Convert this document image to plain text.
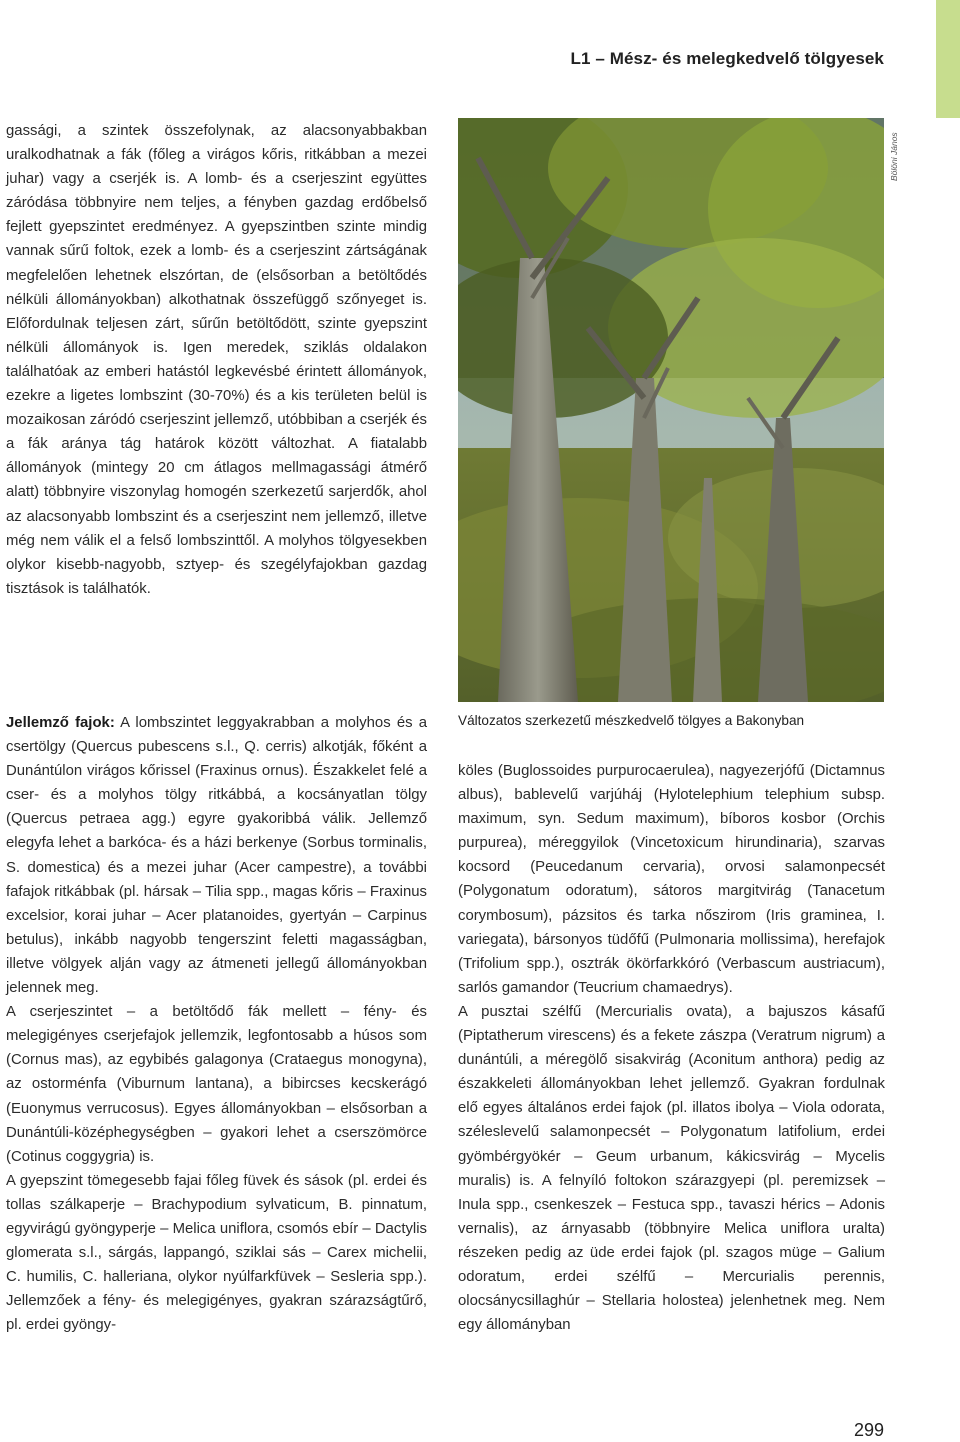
L1 – Mész- és melegkedvelő tölgyesek

gassági, a szintek összefolynak, az alacsonyabbakban uralkodhatnak a fák (főleg a virágos kőris, ritkábban a mezei juhar) vagy a cserjék is. A lomb- és a cserjeszint együttes záródása többnyire nem teljes, a fényben gazdag erdőbelső fejlett gyepszintet eredményez. A gyepszintben szinte mindig vannak sűrű foltok, ezek a lomb- és a cserjeszint zártságának megfelelően lehetnek elszórtan, de (elsősorban a betöltődés nélküli állományokban) alkothatnak összefüggő szőnyeget is. Előfordulnak teljesen zárt, sűrűn betöltődött, szinte gyepszint nélküli állományok is. Igen meredek, sziklás oldalakon találhatóak az emberi hatástól legkevésbé érintett állományok, ezekre a ligetes lombszint (30-70%) és a kis területen belül is mozaikosan záródó cserjeszint jellemző, utóbbiban a cserjék és a fák aránya tág határok között változhat. A fiatalabb állományok (mintegy 20 cm átlagos mellmagassági átmérő alatt) többnyire viszonylag homogén szerkezetű sarjerdők, ahol az alacsonyabb lombszint és a cserjeszint nem jellemző, illetve még nem válik el a felső lombszinttől. A molyhos tölgyesekben olykor kisebb-nagyobb, sztyep- és szegélyfajokban gazdag tisztások is találhatók.

Jellemző fajok: A lombszintet leggyakrabban a molyhos és a csertölgy (Quercus pubescens s.l., Q. cerris) alkotják, főként a Dunántúlon virágos kőrissel (Fraxinus ornus). Északkelet felé a cser- és a molyhos tölgy ritkábbá, a kocsányatlan tölgy (Quercus petraea agg.) egyre gyakoribbá válik. Jellemző elegyfa lehet a barkóca- és a házi berkenye (Sorbus torminalis, S. domestica) és a mezei juhar (Acer campestre), a további fafajok ritkábbak (pl. hársak – Tilia spp., magas kőris – Fraxinus excelsior, korai juhar – Acer platanoides, gyertyán – Carpinus betulus), inkább nagyobb tengerszint feletti magasságban, illetve völgyek alján vagy az átmeneti jellegű állományokban jelennek meg.

A cserjeszintet – a betöltődő fák mellett – fény- és melegigényes cserjefajok jellemzik, legfontosabb a húsos som (Cornus mas), az egybibés galagonya (Crataegus monogyna), az ostorménfa (Viburnum lantana), a bibircses kecskerágó (Euonymus verrucosus). Egyes állományokban – elsősorban a Dunántúli-középhegységben – gyakori lehet a cserszömörce (Cotinus coggygria) is.

A gyepszint tömegesebb fajai főleg füvek és sások (pl. erdei és tollas szálkaperje – Brachypodium sylvaticum, B. pinnatum, egyvirágú gyöngyperje – Melica uniflora, csomós ebír – Dactylis glomerata s.l., sárgás, lappangó, sziklai sás – Carex michelii, C. humilis, C. halleriana, olykor nyúlfarkfüvek – Sesleria spp.). Jellemzőek a fény- és melegigényes, gyakran szárazságtűrő, pl. erdei gyöngy-

Bölöni János

Változatos szerkezetű mészkedvelő tölgyes a Bakonyban

köles (Buglossoides purpurocaerulea), nagyezerjófű (Dictamnus albus), bablevelű varjúháj (Hylotelephium telephium subsp. maximum, syn. Sedum maximum), bíboros kosbor (Orchis purpurea), méreggyilok (Vincetoxicum hirundinaria), szarvas kocsord (Peucedanum cervaria), orvosi salamonpecsét (Polygonatum odoratum), sátoros margitvirág (Tanacetum corymbosum), pázsitos és tarka nőszirom (Iris graminea, I. variegata), bársonyos tüdőfű (Pulmonaria mollissima), herefajok (Trifolium spp.), osztrák ökörfarkkóró (Verbascum austriacum), sarlós gamandor (Teucrium chamaedrys).

A pusztai szélfű (Mercurialis ovata), a bajuszos kásafű (Piptatherum virescens) és a fekete zászpa (Veratrum nigrum) a dunántúli, a méregölő sisakvirág (Aconitum anthora) pedig az északkeleti állományokban lehet jellemző. Gyakran fordulnak elő egyes általános erdei fajok (pl. illatos ibolya – Viola odorata, széleslevelű salamonpecsét – Polygonatum latifolium, erdei gyömbérgyökér – Geum urbanum, kákicsvirág – Mycelis muralis) is. A felnyíló foltokon szárazgyepi (pl. peremizsek – Inula spp., csenkeszek – Festuca spp., tavaszi hérics – Adonis vernalis), az árnyasabb (többnyire Melica uniflora uralta) részeken pedig az üde erdei fajok (pl. szagos müge – Galium odoratum, erdei szélfű – Mercurialis perennis, olocsánycsillaghúr – Stellaria holostea) jelenhetnek meg. Nem egy állományban

299
